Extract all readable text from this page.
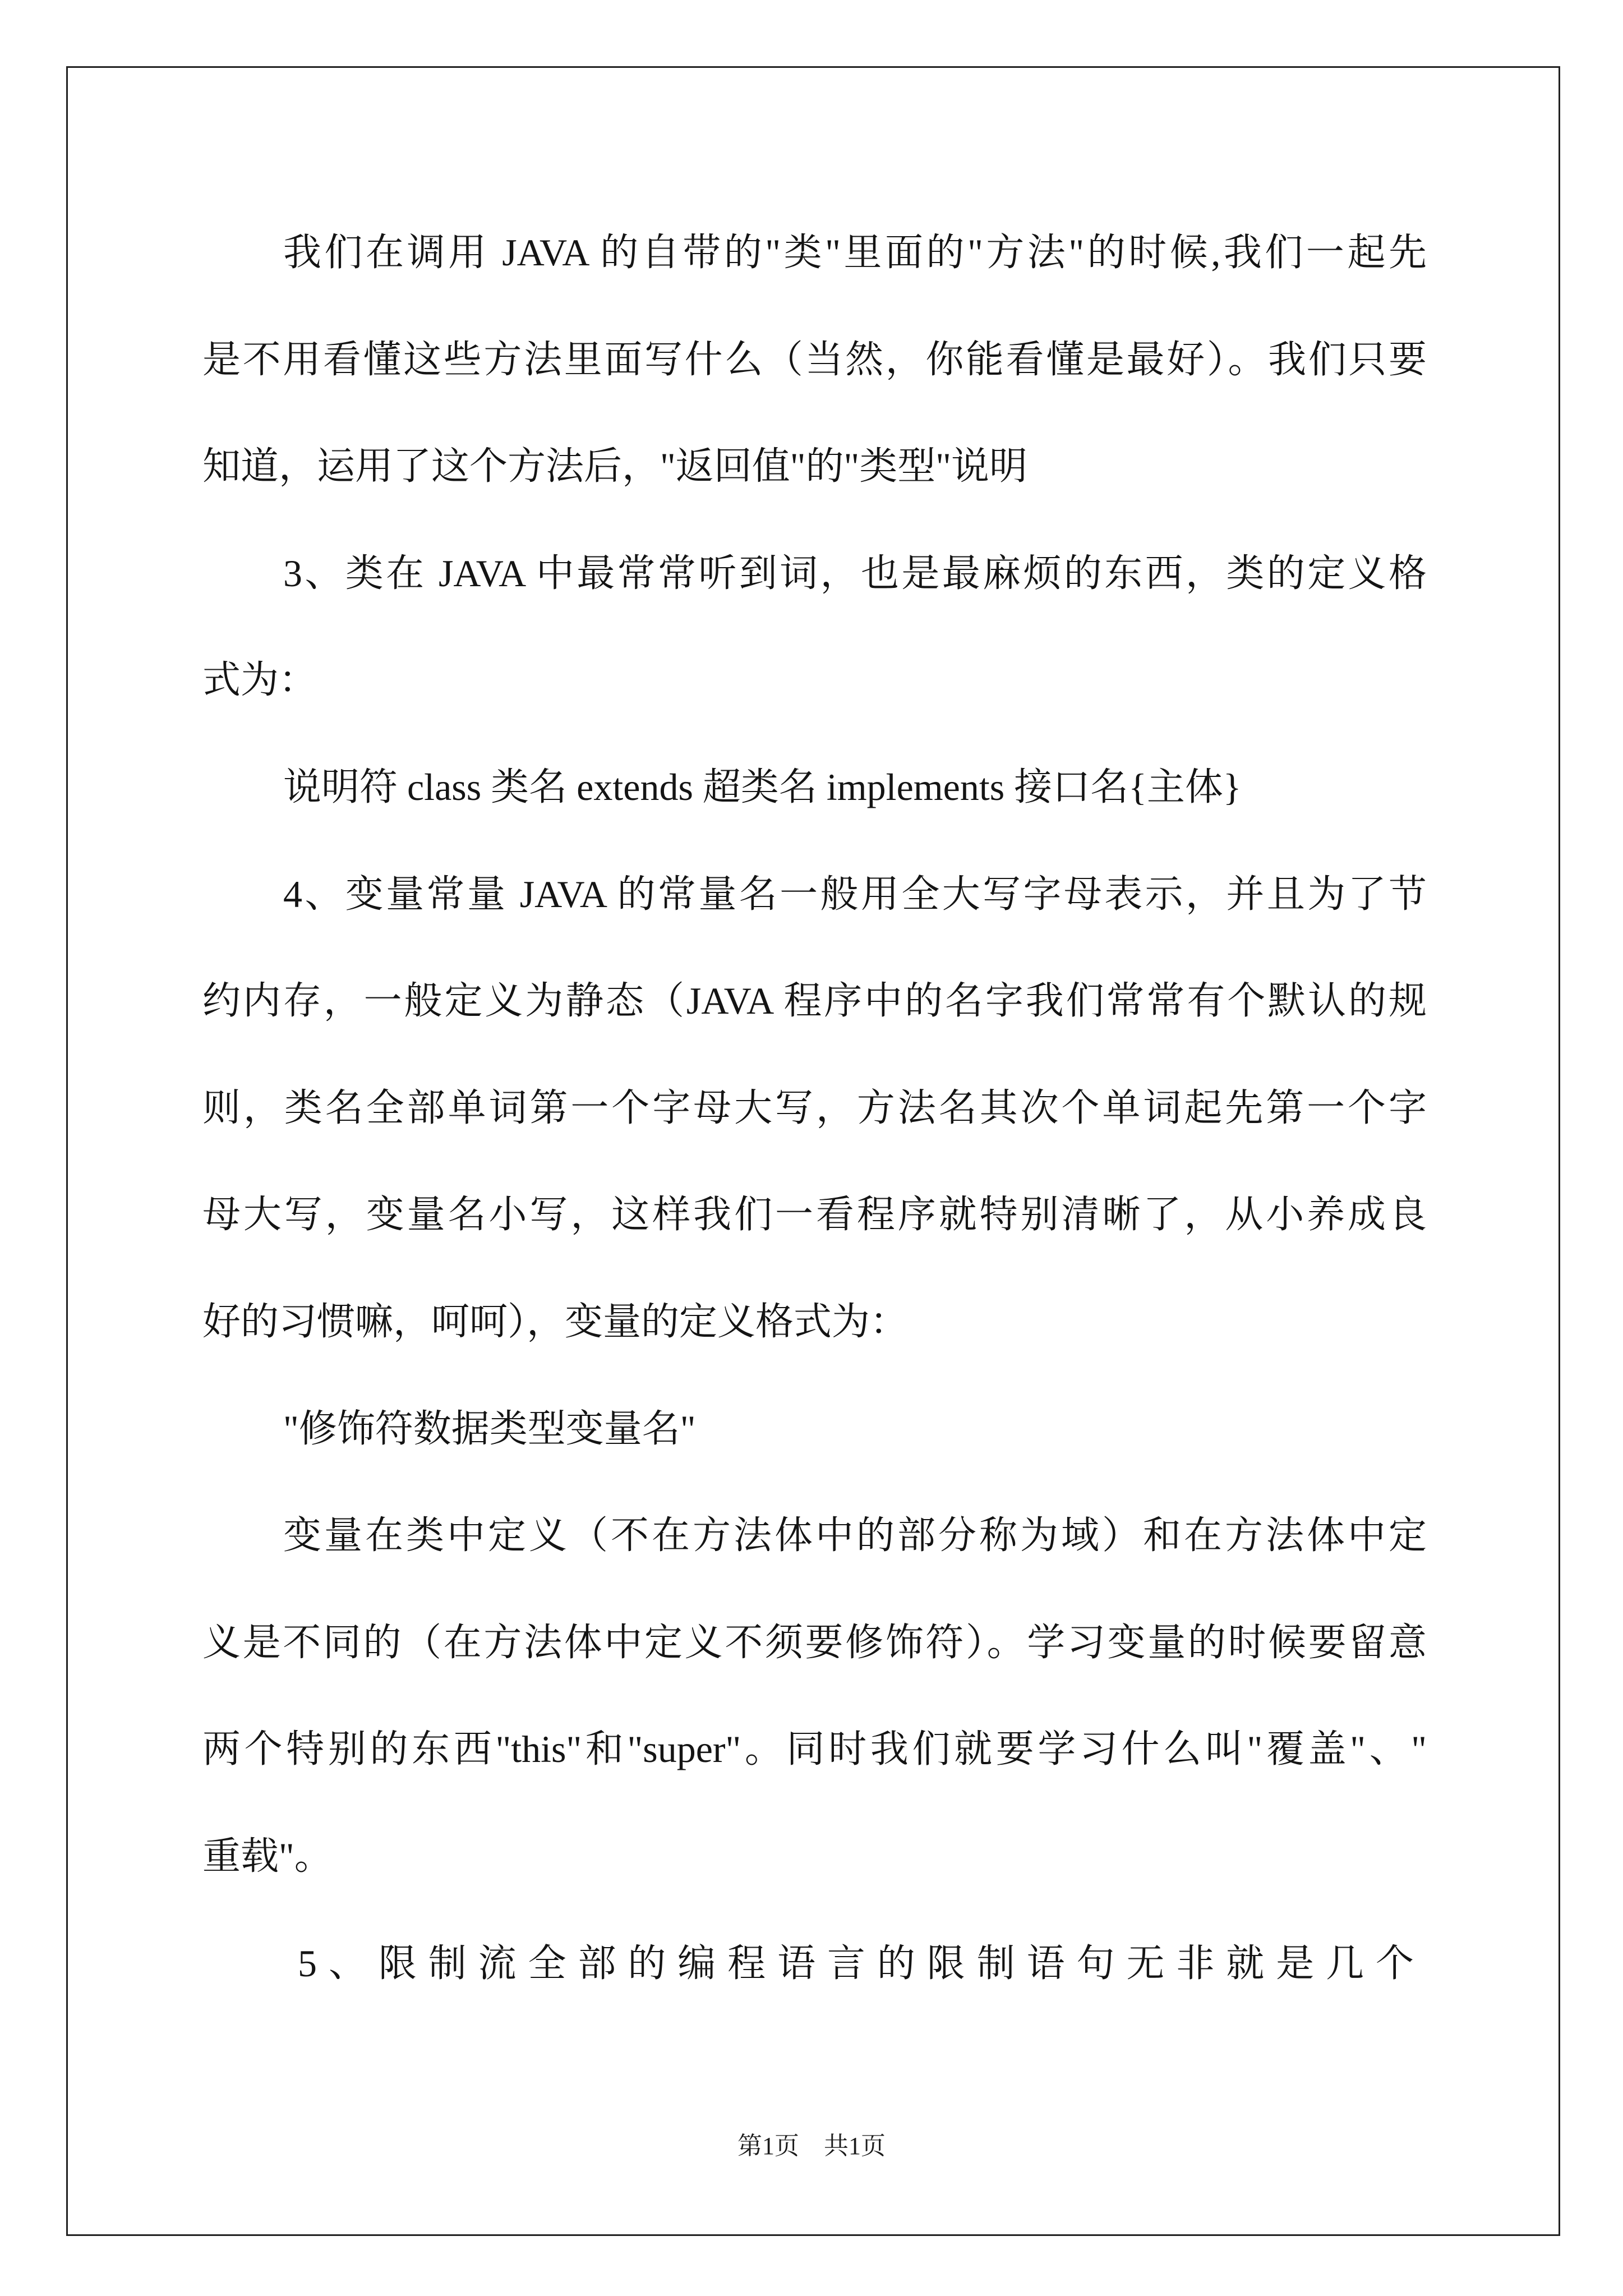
我们在调用 JAVA 的自带的"类"里面的"方法"的时候,我们一起先
是不用看懂这些方法里面写什么（当然，你能看懂是最好）。我们只要
知道，运用了这个方法后，"返回值"的"类型"说明
3、类在 JAVA 中最常常听到词，也是最麻烦的东西，类的定义格
式为：
说明符 class 类名 extends 超类名 implements 接口名{主体}
4、变量常量 JAVA 的常量名一般用全大写字母表示，并且为了节
约内存，一般定义为静态（JAVA 程序中的名字我们常常有个默认的规
则，类名全部单词第一个字母大写，方法名其次个单词起先第一个字
母大写，变量名小写，这样我们一看程序就特别清晰了，从小养成良
好的习惯嘛，呵呵），变量的定义格式为：
"修饰符数据类型变量名"
变量在类中定义（不在方法体中的部分称为域）和在方法体中定
义是不同的（在方法体中定义不须要修饰符）。学习变量的时候要留意
两个特别的东西"this"和"super"。同时我们就要学习什么叫"覆盖"、"
重载"。
5、限制流全部的编程语言的限制语句无非就是几个
第1页　共1页
